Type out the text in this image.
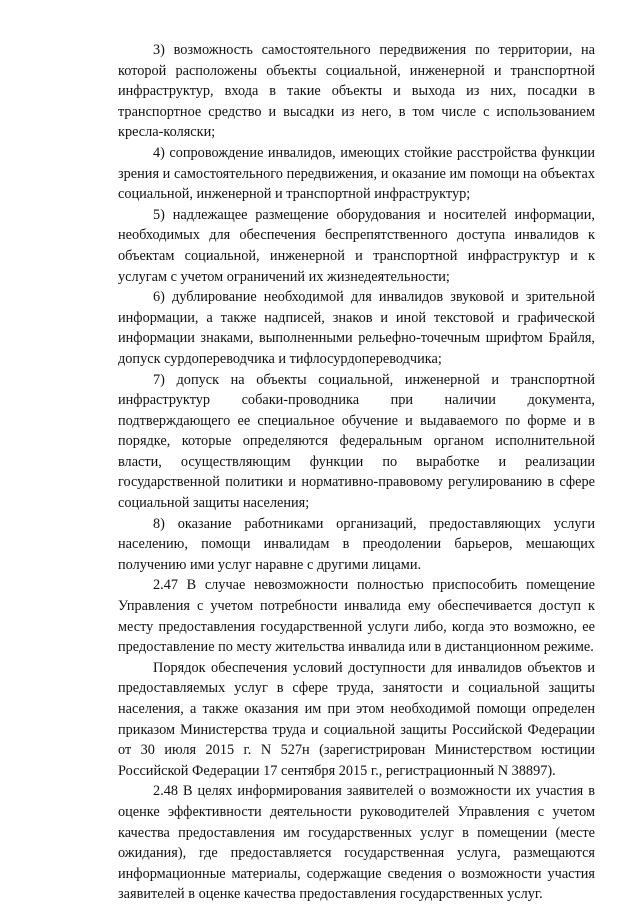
3) возможность самостоятельного передвижения по территории, на которой расположены объекты социальной, инженерной и транспортной инфраструктур, входа в такие объекты и выхода из них, посадки в транспортное средство и высадки из него, в том числе с использованием кресла-коляски;

4) сопровождение инвалидов, имеющих стойкие расстройства функции зрения и самостоятельного передвижения, и оказание им помощи на объектах социальной, инженерной и транспортной инфраструктур;

5) надлежащее размещение оборудования и носителей информации, необходимых для обеспечения беспрепятственного доступа инвалидов к объектам социальной, инженерной и транспортной инфраструктур и к услугам с учетом ограничений их жизнедеятельности;

6) дублирование необходимой для инвалидов звуковой и зрительной информации, а также надписей, знаков и иной текстовой и графической информации знаками, выполненными рельефно-точечным шрифтом Брайля, допуск сурдопереводчика и тифлосурдопереводчика;

7) допуск на объекты социальной, инженерной и транспортной инфраструктур собаки-проводника при наличии документа, подтверждающего ее специальное обучение и выдаваемого по форме и в порядке, которые определяются федеральным органом исполнительной власти, осуществляющим функции по выработке и реализации государственной политики и нормативно-правовому регулированию в сфере социальной защиты населения;

8) оказание работниками организаций, предоставляющих услуги населению, помощи инвалидам в преодолении барьеров, мешающих получению ими услуг наравне с другими лицами.

2.47 В случае невозможности полностью приспособить помещение Управления с учетом потребности инвалида ему обеспечивается доступ к месту предоставления государственной услуги либо, когда это возможно, ее предоставление по месту жительства инвалида или в дистанционном режиме.

Порядок обеспечения условий доступности для инвалидов объектов и предоставляемых услуг в сфере труда, занятости и социальной защиты населения, а также оказания им при этом необходимой помощи определен приказом Министерства труда и социальной защиты Российской Федерации от 30 июля 2015 г. N 527н (зарегистрирован Министерством юстиции Российской Федерации 17 сентября 2015 г., регистрационный N 38897).

2.48 В целях информирования заявителей о возможности их участия в оценке эффективности деятельности руководителей Управления с учетом качества предоставления им государственных услуг в помещении (месте ожидания), где предоставляется государственная услуга, размещаются информационные материалы, содержащие сведения о возможности участия заявителей в оценке качества предоставления государственных услуг.
